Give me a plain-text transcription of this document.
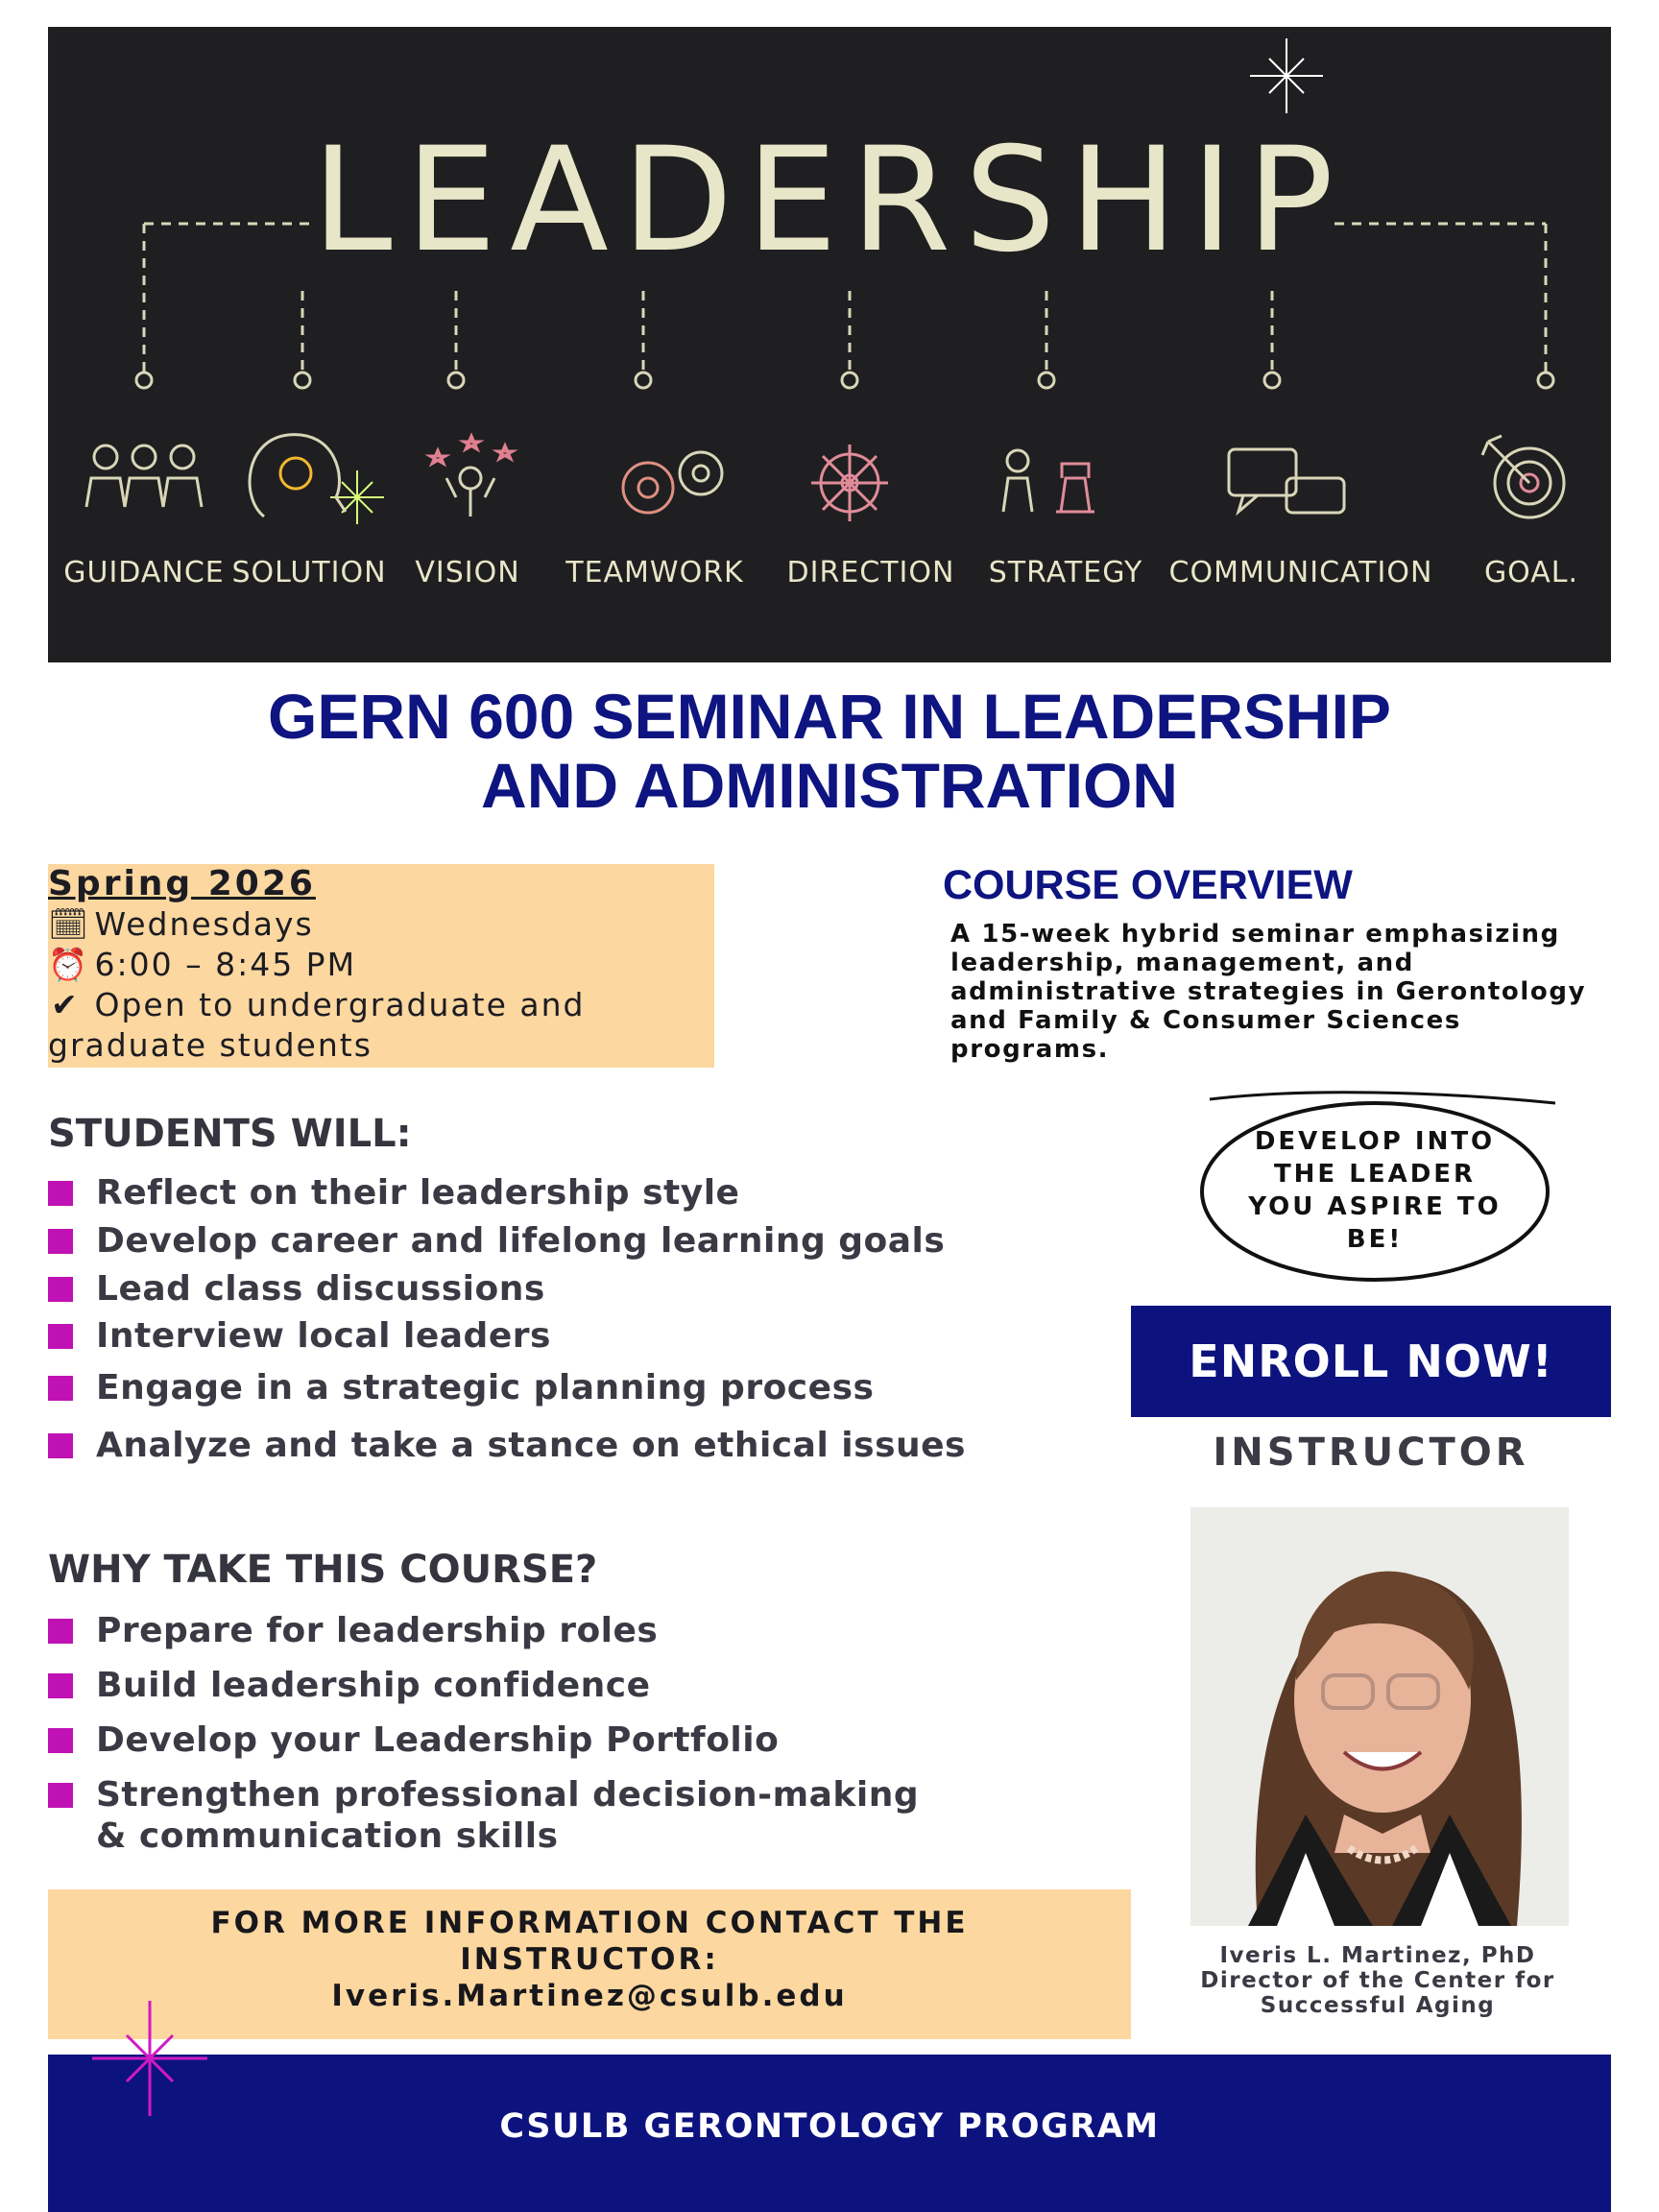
LEADERSHIP
GUIDANCE SOLUTION VISION TEAMWORK DIRECTION STRATEGY COMMUNICATION GOAL.
GERN 600 SEMINAR IN LEADERSHIP
AND ADMINISTRATION
Spring 2026
🗓 Wednesdays
⏰ 6:00 – 8:45 PM
✔ Open to undergraduate and graduate students
COURSE OVERVIEW
A 15-week hybrid seminar emphasizing leadership, management, and administrative strategies in Gerontology and Family & Consumer Sciences programs.
STUDENTS WILL:
Reflect on their leadership style
Develop career and lifelong learning goals
Lead class discussions
Interview local leaders
Engage in a strategic planning process
Analyze and take a stance on ethical issues
WHY TAKE THIS COURSE?
Prepare for leadership roles
Build leadership confidence
Develop your Leadership Portfolio
Strengthen professional decision-making
& communication skills
DEVELOP INTO
THE LEADER
YOU ASPIRE TO
BE!
ENROLL NOW!
INSTRUCTOR
Iveris L. Martinez, PhD
Director of the Center for
Successful Aging
FOR MORE INFORMATION CONTACT THE
INSTRUCTOR:
Iveris.Martinez@csulb.edu
CSULB GERONTOLOGY PROGRAM
